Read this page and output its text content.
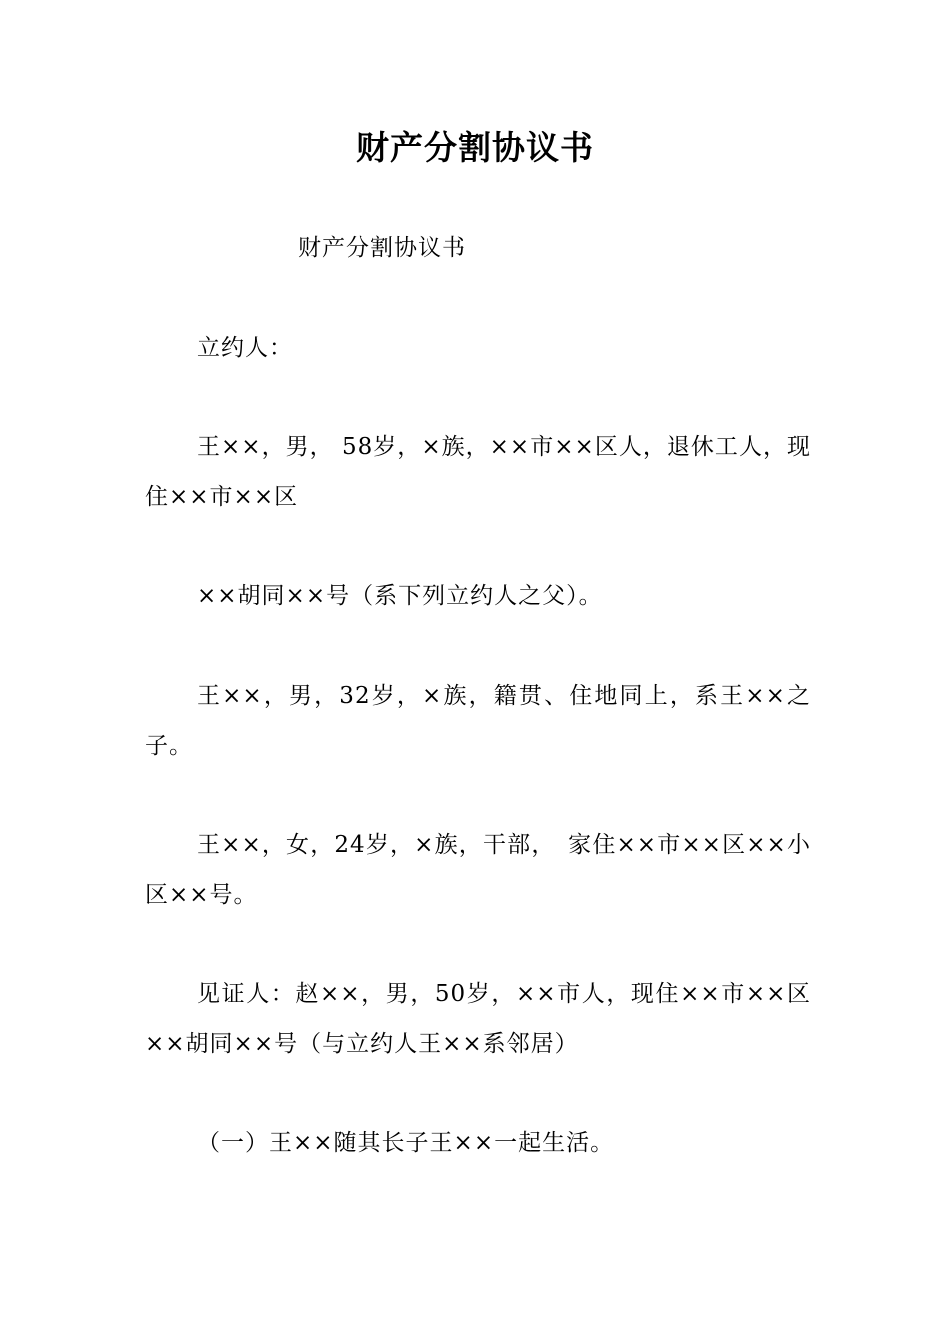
财产分割协议书
财产分割协议书
立约人：
王××，男， 58岁，×族，××市××区人，退休工人，现住××市××区
××胡同××号（系下列立约人之父）。
王××，男，32岁，×族，籍贯、住地同上，系王××之子。
王××，女，24岁，×族，干部，　家住××市××区××小区××号。
见证人：赵××，男，50岁，××市人，现住××市××区××胡同××号（与立约人王××系邻居）
（一）王××随其长子王××一起生活。
